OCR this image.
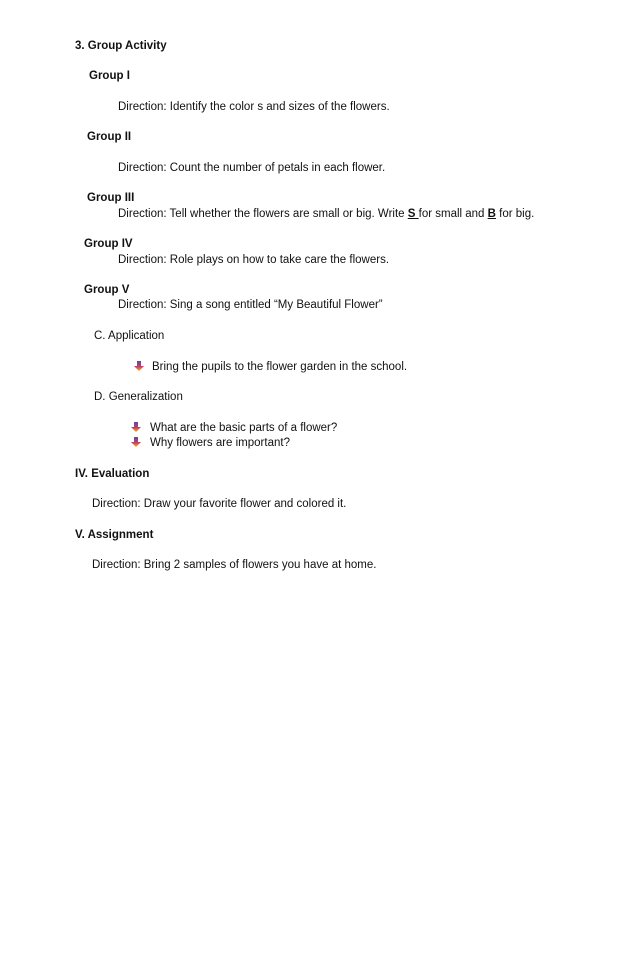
3. Group Activity
Group I
Direction: Identify the color s and sizes of the flowers.
Group II
Direction: Count the number of petals in each flower.
Group III
Direction: Tell whether the flowers are small or big. Write S for small and B for big.
Group IV
Direction: Role plays on how to take care the flowers.
Group V
Direction: Sing a song entitled “My Beautiful Flower”
C. Application
Bring the pupils to the flower garden in the school.
D. Generalization
What are the basic parts of a flower?
Why flowers are important?
IV. Evaluation
Direction: Draw your favorite flower and colored it.
V. Assignment
Direction: Bring 2 samples of flowers you have at home.
